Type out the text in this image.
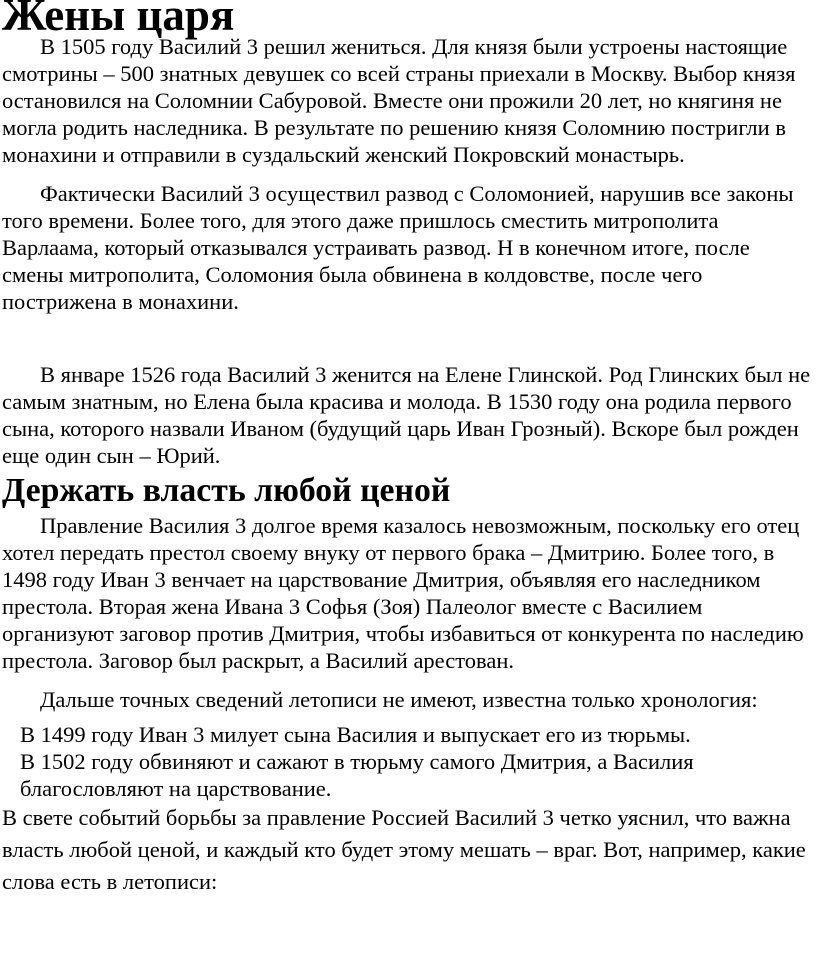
Жены царя

В 1505 году Василий 3 решил жениться. Для князя были устроены настоящие смотрины – 500 знатных девушек со всей страны приехали в Москву. Выбор князя остановился на Соломнии Сабуровой. Вместе они прожили 20 лет, но княгиня не могла родить наследника. В результате по решению князя Соломнию постригли в монахини и отправили в суздальский женский Покровский монастырь.

Фактически Василий 3 осуществил развод с Соломонией, нарушив все законы того времени. Более того, для этого даже пришлось сместить митрополита Варлаама, который отказывался устраивать развод. Н в конечном итоге, после смены митрополита, Соломония была обвинена в колдовстве, после чего пострижена в монахини.

В январе 1526 года Василий 3 женится на Елене Глинской. Род Глинских был не самым знатным, но Елена была красива и молода. В 1530 году она родила первого сына, которого назвали Иваном (будущий царь Иван Грозный). Вскоре был рожден еще один сын – Юрий.

Держать власть любой ценой

Правление Василия 3 долгое время казалось невозможным, поскольку его отец хотел передать престол своему внуку от первого брака – Дмитрию. Более того, в 1498 году Иван 3 венчает на царствование Дмитрия, объявляя его наследником престола. Вторая жена Ивана 3 Софья (Зоя) Палеолог вместе с Василием организуют заговор против Дмитрия, чтобы избавиться от конкурента по наследию престола. Заговор был раскрыт, а Василий арестован.

Дальше точных сведений летописи не имеют, известна только хронология:

В 1499 году Иван 3 милует сына Василия и выпускает его из тюрьмы.
В 1502 году обвиняют и сажают в тюрьму самого Дмитрия, а Василия благословляют на царствование.

В свете событий борьбы за правление Россией Василий 3 четко уяснил, что важна власть любой ценой, и каждый кто будет этому мешать – враг. Вот, например, какие слова есть в летописи:
